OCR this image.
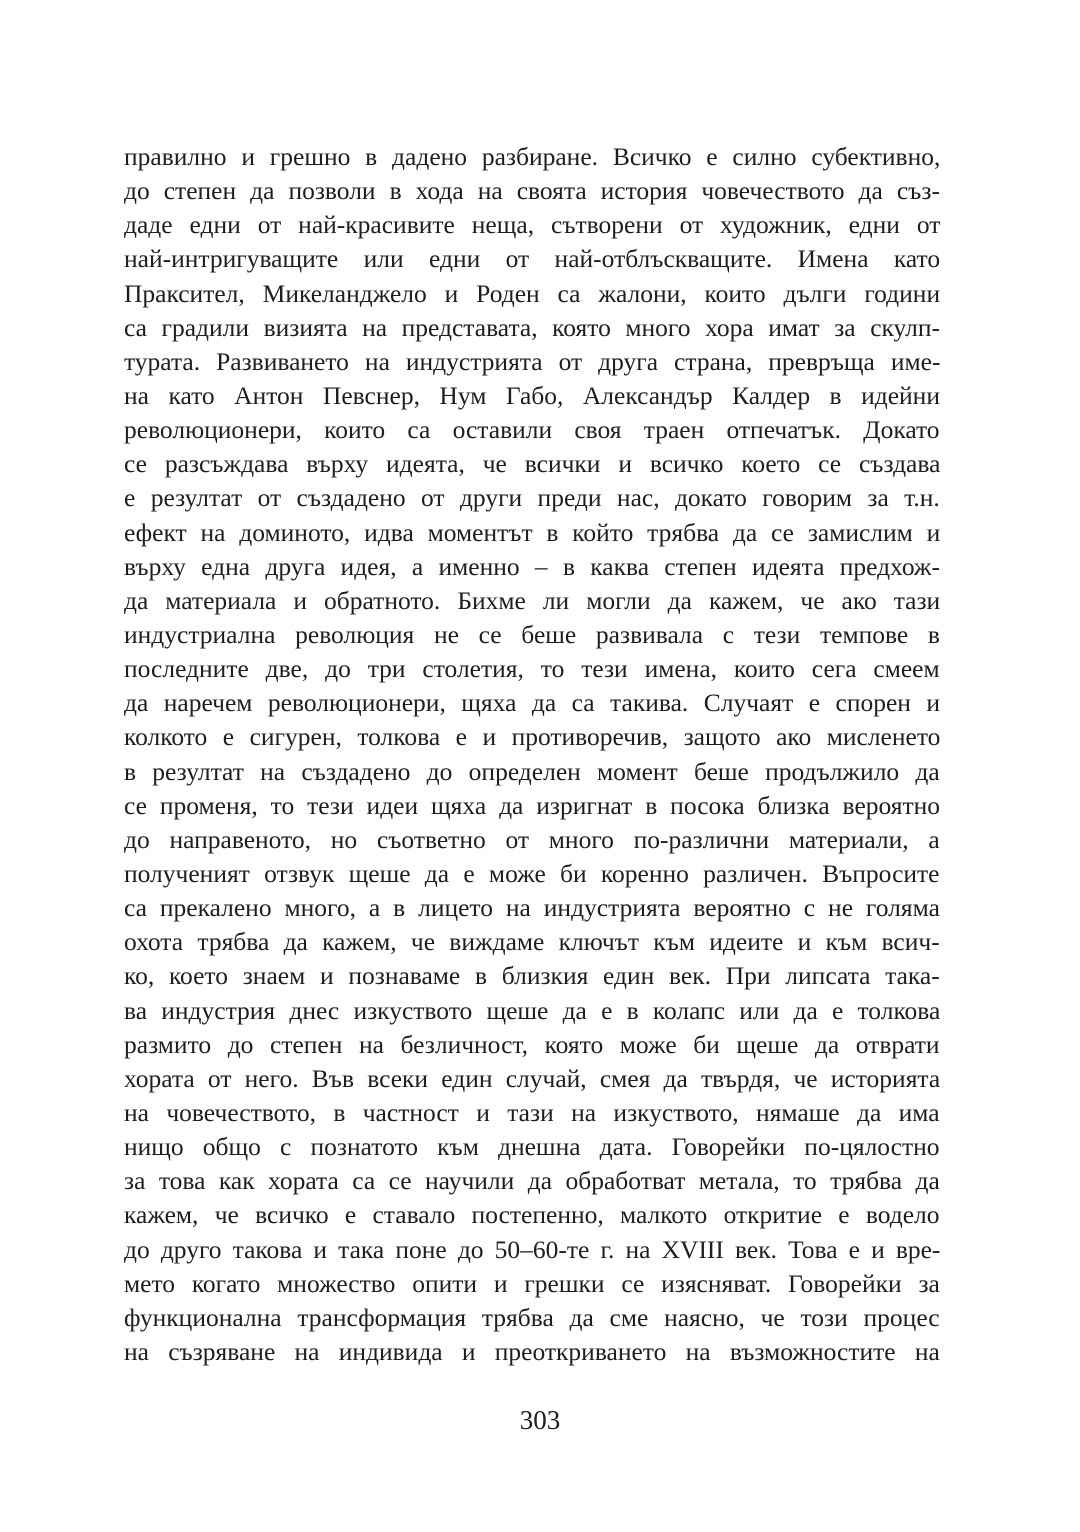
правилно и грешно в дадено разбиране. Всичко е силно субективно,
до степен да позволи в хода на своята история човечеството да съз-
даде едни от най-красивите неща, сътворени от художник, едни от
най-интригуващите или едни от най-отблъскващите. Имена като
Пракситeл, Микеланджело и Роден са жалони, които дълги години
са градили визията на представата, която много хора имат за скулп-
турата. Развиването на индустрията от друга страна, превръща име-
на като Антон Певснер, Нум Габо, Александър Калдер в идейни
революционери, които са оставили своя траен отпечатък. Докато
се разсъждава върху идеята, че всички и всичко което се създава
е резултат от създадено от други преди нас, докато говорим за т.н.
ефект на доминото, идва моментът в който трябва да се замислим и
върху една друга идея, а именно – в каква степен идеята предхож-
да материала и обратното. Бихме ли могли да кажем, че ако тази
индустриална революция не се беше развивала с тези темпове в
последните две, до три столетия, то тези имена, които сега смеем
да наречем революционери, щяха да са такива. Случаят е спорен и
колкото е сигурен, толкова е и противоречив, защото ако мисленето
в резултат на създадено до определен момент беше продължило да
се променя, то тези идеи щяха да изригнат в посока близка вероятно
до направеното, но съответно от много по-различни материали, а
полученият отзвук щеше да е може би коренно различен. Въпросите
са прекалено много, а в лицето на индустрията вероятно с не голяма
охота трябва да кажем, че виждаме ключът към идеите и към всич-
ко, което знаем и познаваме в близкия един век. При липсата така-
ва индустрия днес изкуството щеше да е в колапс или да е толкова
размито до степен на безличност, която може би щеше да отврати
хората от него. Във всеки един случай, смея да твърдя, че историята
на човечеството, в частност и тази на изкуството, нямаше да има
нищо общо с познатото към днешна дата. Говорейки по-цялостно
за това как хората са се научили да обработват метала, то трябва да
кажем, че всичко е ставало постепенно, малкото откритие е водело
до друго такова и така поне до 50–60-те г. на XVIII век. Това е и вре-
мето когато множество опити и грешки се изясняват. Говорейки за
функционална трансформация трябва да сме наясно, че този процес
на съзряване на индивида и преоткриването на възможностите на
303
